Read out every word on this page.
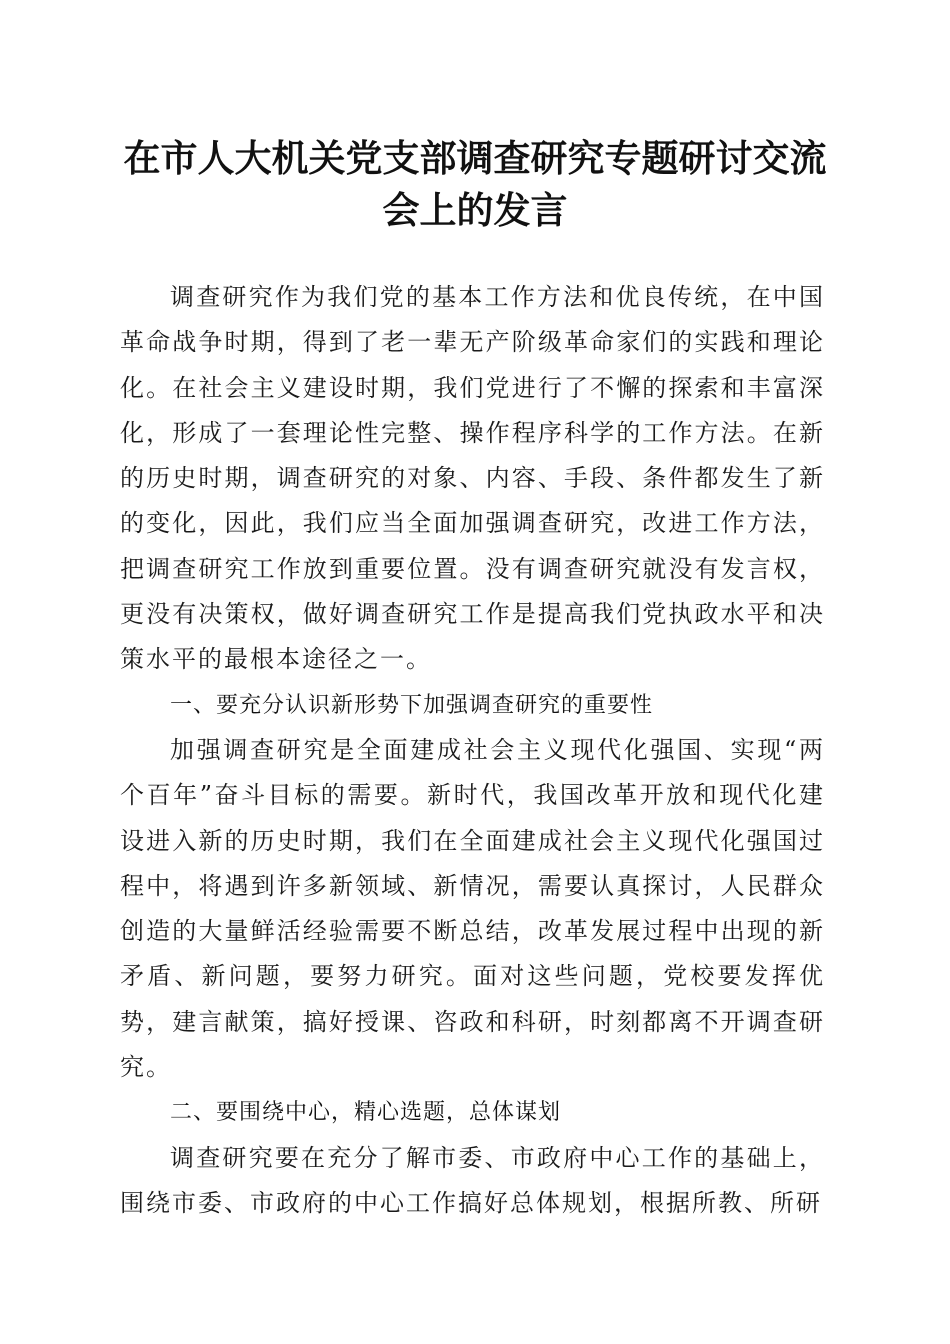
在市人大机关党支部调查研究专题研讨交流会上的发言

调查研究作为我们党的基本工作方法和优良传统，在中国革命战争时期，得到了老一辈无产阶级革命家们的实践和理论化。在社会主义建设时期，我们党进行了不懈的探索和丰富深化，形成了一套理论性完整、操作程序科学的工作方法。在新的历史时期，调查研究的对象、内容、手段、条件都发生了新的变化，因此，我们应当全面加强调查研究，改进工作方法，把调查研究工作放到重要位置。没有调查研究就没有发言权，更没有决策权，做好调查研究工作是提高我们党执政水平和决策水平的最根本途径之一。

一、要充分认识新形势下加强调查研究的重要性

加强调查研究是全面建成社会主义现代化强国、实现“两个百年”奋斗目标的需要。新时代，我国改革开放和现代化建设进入新的历史时期，我们在全面建成社会主义现代化强国过程中，将遇到许多新领域、新情况，需要认真探讨，人民群众创造的大量鲜活经验需要不断总结，改革发展过程中出现的新矛盾、新问题，要努力研究。面对这些问题，党校要发挥优势，建言献策，搞好授课、咨政和科研，时刻都离不开调查研究。

二、要围绕中心，精心选题，总体谋划

调查研究要在充分了解市委、市政府中心工作的基础上，围绕市委、市政府的中心工作搞好总体规划，根据所教、所研
